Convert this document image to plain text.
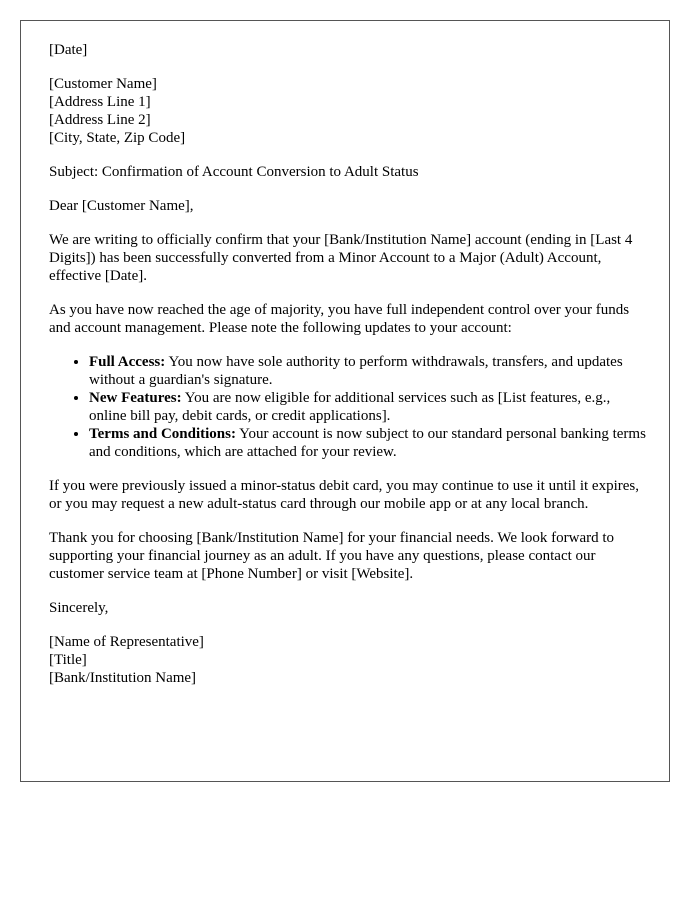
[Date]

[Customer Name]
[Address Line 1]
[Address Line 2]
[City, State, Zip Code]

Subject: Confirmation of Account Conversion to Adult Status

Dear [Customer Name],

We are writing to officially confirm that your [Bank/Institution Name] account (ending in [Last 4 Digits]) has been successfully converted from a Minor Account to a Major (Adult) Account, effective [Date].

As you have now reached the age of majority, you have full independent control over your funds and account management. Please note the following updates to your account:

• Full Access: You now have sole authority to perform withdrawals, transfers, and updates without a guardian's signature.
• New Features: You are now eligible for additional services such as [List features, e.g., online bill pay, debit cards, or credit applications].
• Terms and Conditions: Your account is now subject to our standard personal banking terms and conditions, which are attached for your review.

If you were previously issued a minor-status debit card, you may continue to use it until it expires, or you may request a new adult-status card through our mobile app or at any local branch.

Thank you for choosing [Bank/Institution Name] for your financial needs. We look forward to supporting your financial journey as an adult. If you have any questions, please contact our customer service team at [Phone Number] or visit [Website].

Sincerely,

[Name of Representative]
[Title]
[Bank/Institution Name]
